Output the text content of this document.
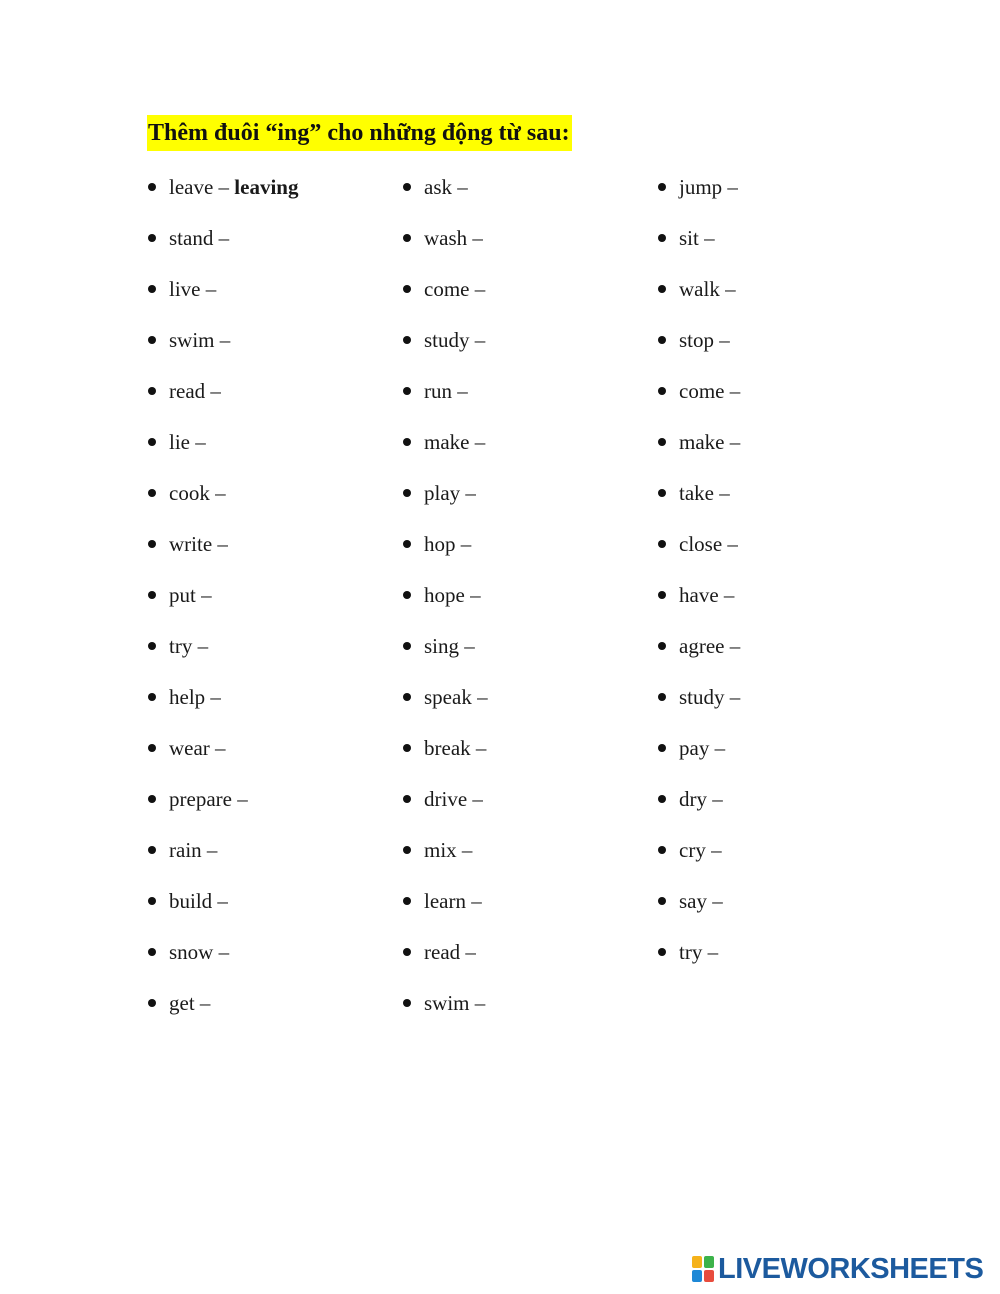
Thêm đuôi “ing” cho những động từ sau:
leave – leaving
stand –
live –
swim –
read –
lie –
cook –
write –
put –
try –
help –
wear –
prepare –
rain –
build –
snow –
get –
ask –
wash –
come –
study –
run –
make –
play –
hop –
hope –
sing –
speak –
break –
drive –
mix –
learn –
read –
swim –
jump –
sit –
walk –
stop –
come –
make –
take –
close –
have –
agree –
study –
pay –
dry –
cry –
say –
try –
LIVEWORKSHEETS
